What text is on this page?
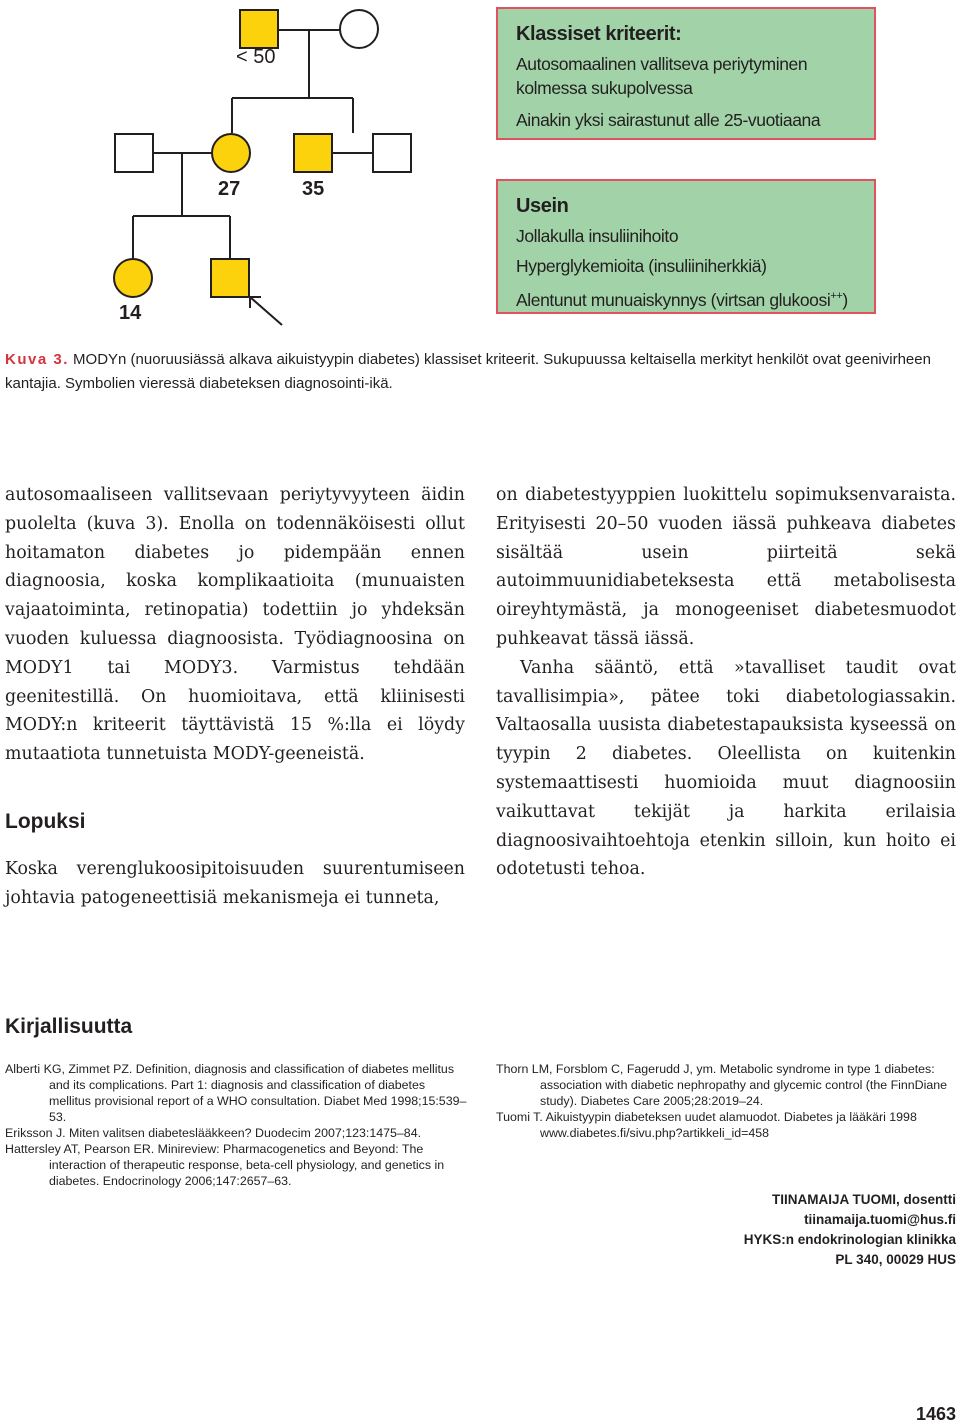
< 50
27	35
14
Klassiset kriteerit:
Autosomaalinen vallitseva periytyminen
kolmessa sukupolvessa
Ainakin yksi sairastunut alle 25-vuotiaana
Usein
Jollakulla insuliinihoito
Hyperglykemioita (insuliiniherkkiä)
Alentunut munuaiskynnys (virtsan glukoosi++)
Kuva 3. MODYn (nuoruusiässä alkava aikuistyypin diabetes) klassiset kriteerit. Sukupuussa keltaisella merkityt henkilöt ovat geenivirheen kantajia. Symbolien vieressä diabeteksen diagnosointi-ikä.

autosomaaliseen vallitsevaan periytyvyyteen äidin puolelta (kuva 3). Enolla on todennäköisesti ollut hoitamaton diabetes jo pidempään ennen diagnoosia, koska komplikaatioita (munuaisten vajaatoiminta, retinopatia) todettiin jo yhdeksän vuoden kuluessa diagnoosista. Työdiagnoosina on MODY1 tai MODY3. Varmistus tehdään geenitestillä. On huomioitava, että kliinisesti MODY:n kriteerit täyttävistä 15 %:lla ei löydy mutaatiota tunnetuista MODY-geeneistä.

Lopuksi

Koska verenglukoosipitoisuuden suurentumiseen johtavia patogeneettisiä mekanismeja ei tunneta,

on diabetestyyppien luokittelu sopimuksenvaraista. Erityisesti 20–50 vuoden iässä puhkeava diabetes sisältää usein piirteitä sekä autoimmuunidiabeteksesta että metabolisesta oireyhtymästä, ja monogeeniset diabetesmuodot puhkeavat tässä iässä.

Vanha sääntö, että »tavalliset taudit ovat tavallisimpia», pätee toki diabetologiassakin. Valtaosalla uusista diabetestapauksista kyseessä on tyypin 2 diabetes. Oleellista on kuitenkin systemaattisesti huomioida muut diagnoosiin vaikuttavat tekijät ja harkita erilaisia diagnoosivaihtoehtoja etenkin silloin, kun hoito ei odotetusti tehoa.

Kirjallisuutta
Alberti KG, Zimmet PZ. Definition, diagnosis and classification of diabetes mellitus and its complications. Part 1: diagnosis and classification of diabetes mellitus provisional report of a WHO consultation. Diabet Med 1998;15:539–53.
Eriksson J. Miten valitsen diabeteslääkkeen? Duodecim 2007;123:1475–84.
Hattersley AT, Pearson ER. Minireview: Pharmacogenetics and Beyond: The interaction of therapeutic response, beta-cell physiology, and genetics in diabetes. Endocrinology 2006;147:2657–63.
Thorn LM, Forsblom C, Fagerudd J, ym. Metabolic syndrome in type 1 diabetes: association with diabetic nephropathy and glycemic control (the FinnDiane study). Diabetes Care 2005;28:2019–24.
Tuomi T. Aikuistyypin diabeteksen uudet alamuodot. Diabetes ja lääkäri 1998 www.diabetes.fi/sivu.php?artikkeli_id=458
TIINAMAIJA TUOMI, dosentti
tiinamaija.tuomi@hus.fi
HYKS:n endokrinologian klinikka
PL 340, 00029 HUS
1463
